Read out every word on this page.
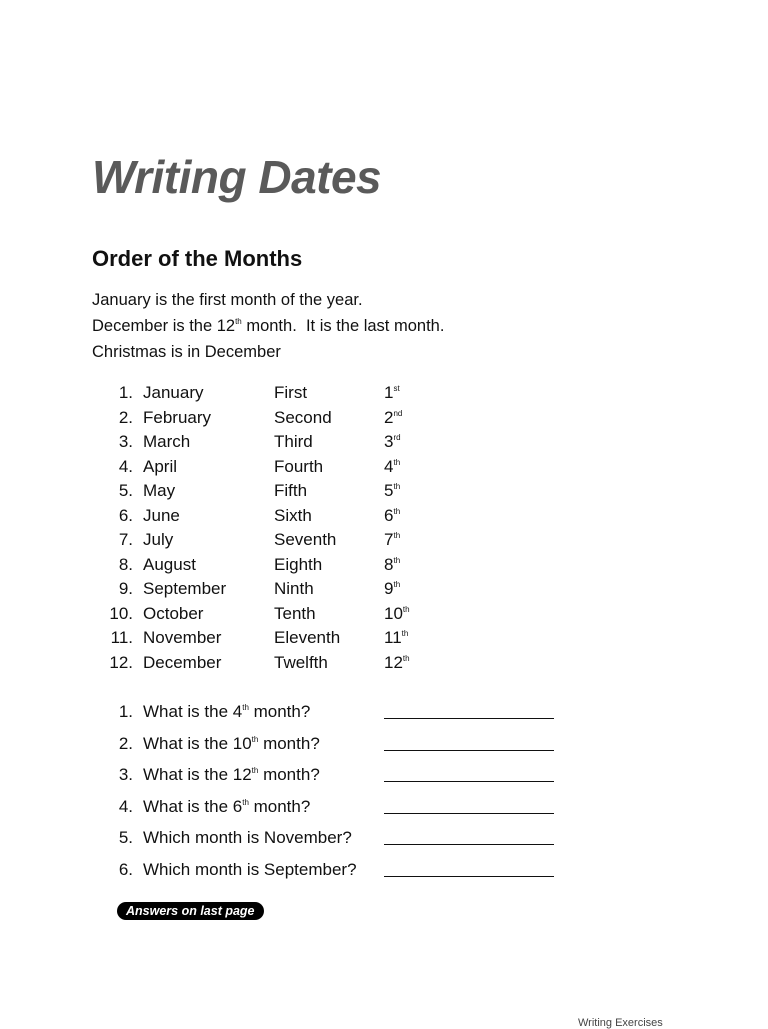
Writing Dates
Order of the Months
January is the first month of the year.
December is the 12th month.  It is the last month.
Christmas is in December
1. January	First	1st
2. February	Second	2nd
3. March	Third	3rd
4. April	Fourth	4th
5. May	Fifth	5th
6. June	Sixth	6th
7. July	Seventh	7th
8. August	Eighth	8th
9. September	Ninth	9th
10. October	Tenth	10th
11. November	Eleventh	11th
12. December	Twelfth	12th
1. What is the 4th month?
2. What is the 10th month?
3. What is the 12th month?
4. What is the 6th month?
5. Which month is November?
6. Which month is September?
Answers on last page
Writing Exercises
